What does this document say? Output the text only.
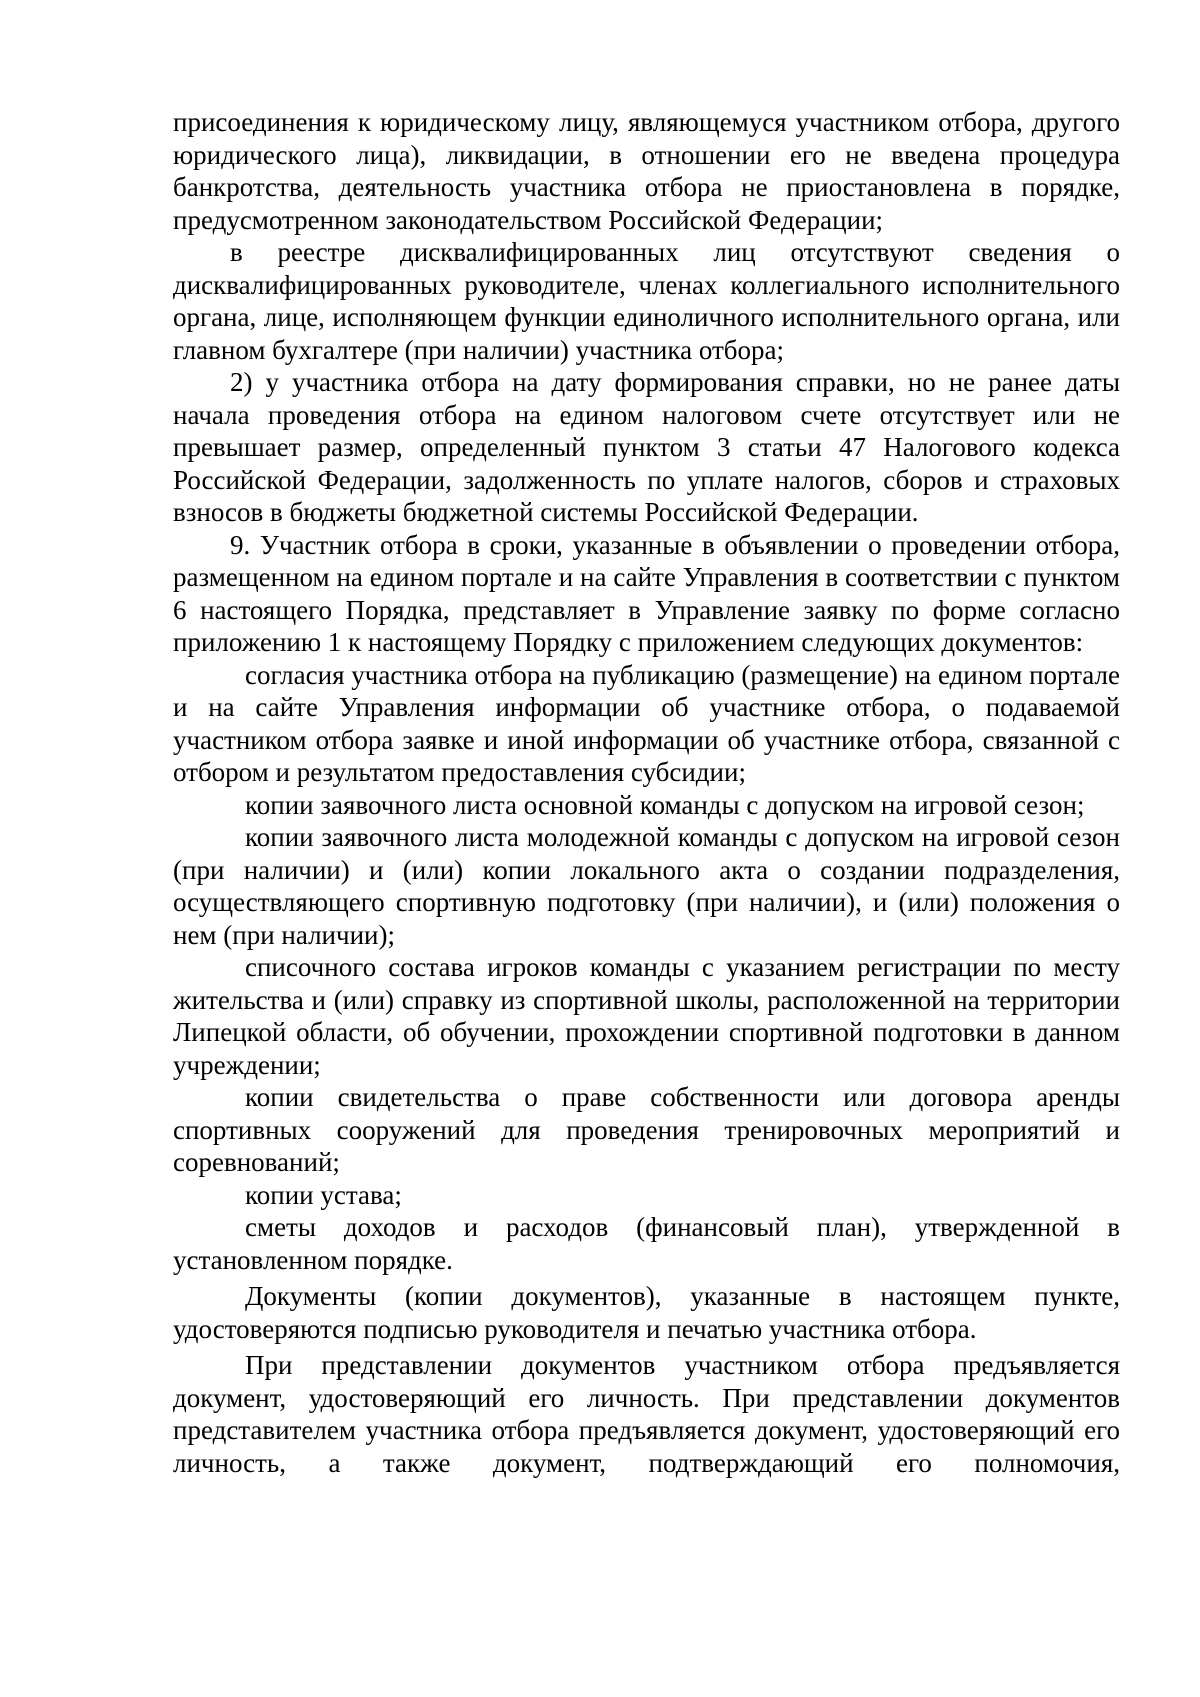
присоединения к юридическому лицу, являющемуся участником отбора, другого юридического лица), ликвидации, в отношении его не введена процедура банкротства, деятельность участника отбора не приостановлена в порядке, предусмотренном законодательством Российской Федерации;

в реестре дисквалифицированных лиц отсутствуют сведения о дисквалифицированных руководителе, членах коллегиального исполнительного органа, лице, исполняющем функции единоличного исполнительного органа, или главном бухгалтере (при наличии) участника отбора;

2) у участника отбора на дату формирования справки, но не ранее даты начала проведения отбора на едином налоговом счете отсутствует или не превышает размер, определенный пунктом 3 статьи 47 Налогового кодекса Российской Федерации, задолженность по уплате налогов, сборов и страховых взносов в бюджеты бюджетной системы Российской Федерации.

9. Участник отбора в сроки, указанные в объявлении о проведении отбора, размещенном на едином портале и на сайте Управления в соответствии с пунктом 6 настоящего Порядка, представляет в Управление заявку по форме согласно приложению 1 к настоящему Порядку с приложением следующих документов:

согласия участника отбора на публикацию (размещение) на едином портале и на сайте Управления информации об участнике отбора, о подаваемой участником отбора заявке и иной информации об участнике отбора, связанной с отбором и результатом предоставления субсидии;

копии заявочного листа основной команды с допуском на игровой сезон;

копии заявочного листа молодежной команды с допуском на игровой сезон (при наличии) и (или) копии локального акта о создании подразделения, осуществляющего спортивную подготовку (при наличии), и (или) положения о нем (при наличии);

списочного состава игроков команды с указанием регистрации по месту жительства и (или) справку из спортивной школы, расположенной на территории Липецкой области, об обучении, прохождении спортивной подготовки в данном учреждении;

копии свидетельства о праве собственности или договора аренды спортивных сооружений для проведения тренировочных мероприятий и соревнований;

копии устава;

сметы доходов и расходов (финансовый план), утвержденной в установленном порядке.

Документы (копии документов), указанные в настоящем пункте, удостоверяются подписью руководителя и печатью участника отбора.

При представлении документов участником отбора предъявляется документ, удостоверяющий его личность. При представлении документов представителем участника отбора предъявляется документ, удостоверяющий его личность, а также документ, подтверждающий его полномочия,
